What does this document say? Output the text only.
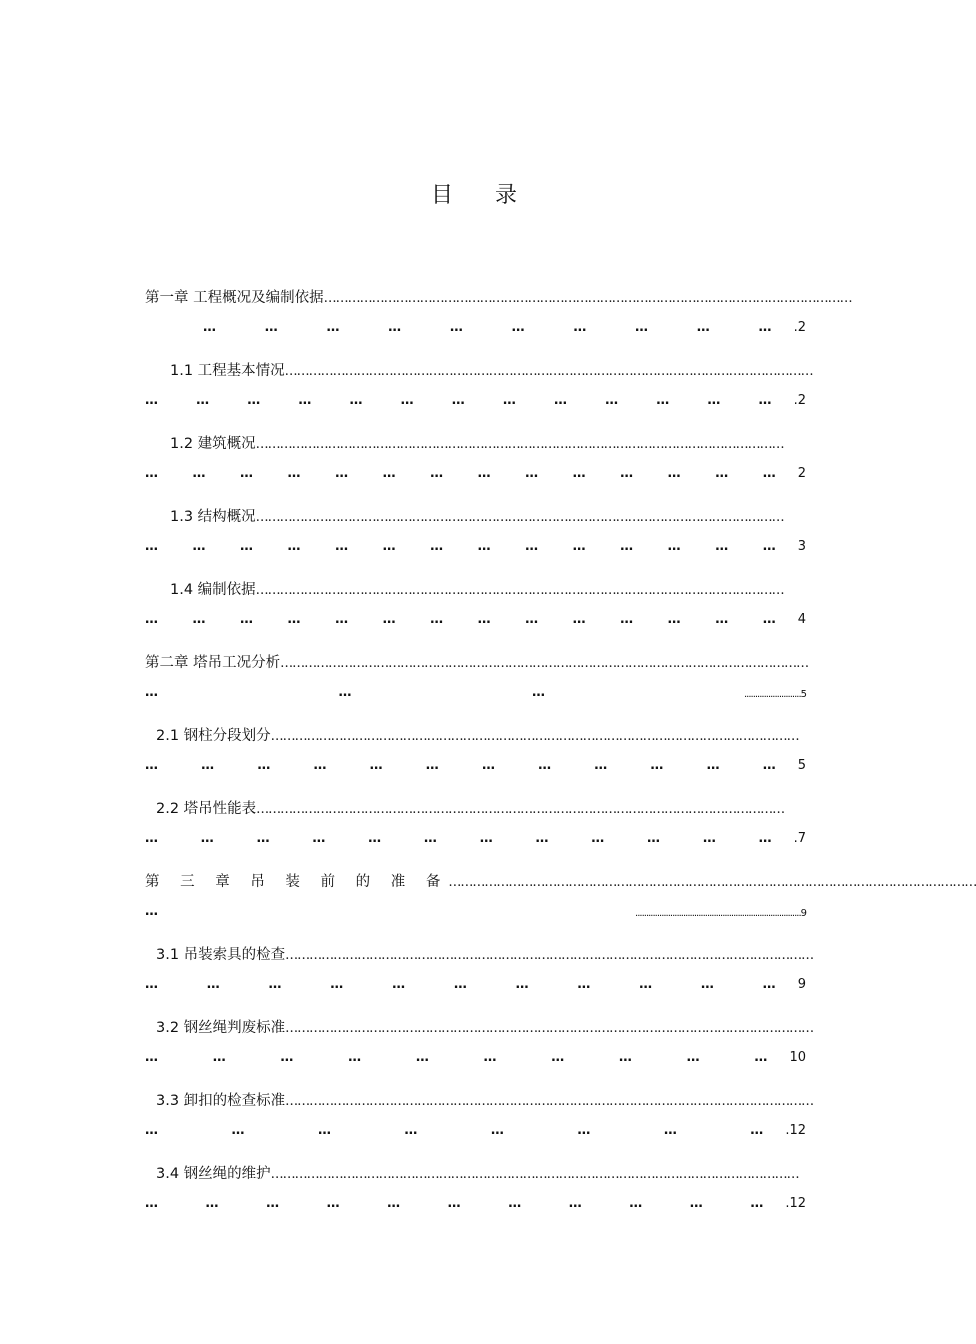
目 录
第一章 工程概况及编制依据 ……………………………………………………………………………………………………………………
…	…	…	…	…	…	…	…	…	… .2
1.1 工程基本情况 ……………………………………………………………………………………………………………………
…	…	…	…	…	…	…	…	…	…	…	…	… .2
1.2 建筑概况 ……………………………………………………………………………………………………………………
…	…	…	…	…	…	…	…	…	…	…	…	…	… 2
1.3 结构概况 ……………………………………………………………………………………………………………………
…	…	…	…	…	…	…	…	…	…	…	…	…	… 3
1.4 编制依据 ……………………………………………………………………………………………………………………
…	…	…	…	…	…	…	…	…	…	…	…	…	… 4
第二章 塔吊工况分析 ……………………………………………………………………………………………………………………
…	…	…	..........................5
2.1 钢柱分段划分 ……………………………………………………………………………………………………………………
…	…	…	…	…	…	…	…	…	…	…	… 5
2.2 塔吊性能表 ……………………………………………………………………………………………………………………
…	…	…	…	…	…	…	…	…	…	…	… .7
第 三 章 吊 装 前 的 准 备 ……………………………………………………………………………………………………………………
…	............................................................................9
3.1 吊装索具的检查 ……………………………………………………………………………………………………………………
…	…	…	…	…	…	…	…	…	…	… 9
3.2 钢丝绳判废标准 ……………………………………………………………………………………………………………………
…	…	…	…	…	…	…	…	…	… 10
3.3 卸扣的检查标准 ……………………………………………………………………………………………………………………
…	…	…	…	…	…	…	… .12
3.4 钢丝绳的维护 ……………………………………………………………………………………………………………………
…	…	…	…	…	…	…	…	…	…	… .12
